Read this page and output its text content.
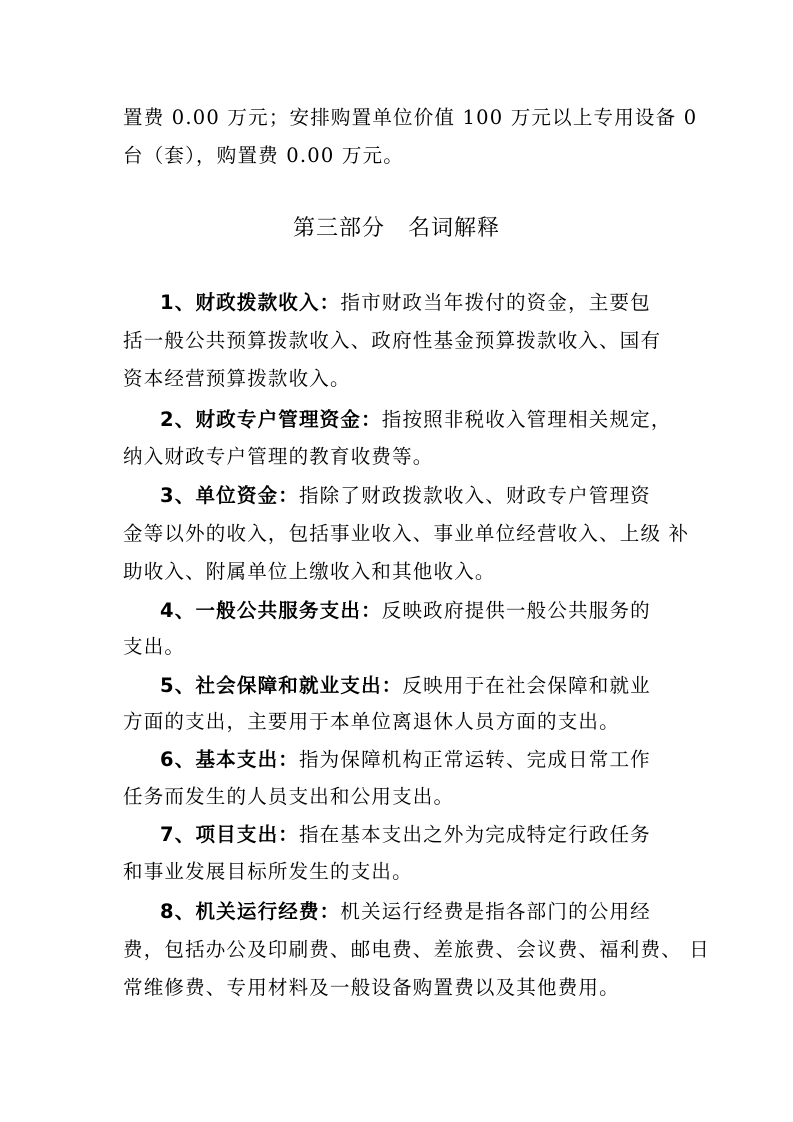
置费 0.00 万元；安排购置单位价值 100 万元以上专用设备 0
台（套），购置费 0.00 万元。
第三部分　名词解释
1、财政拨款收入：指市财政当年拨付的资金，主要包
括一般公共预算拨款收入、政府性基金预算拨款收入、国有
资本经营预算拨款收入。
2、财政专户管理资金：指按照非税收入管理相关规定，
纳入财政专户管理的教育收费等。
3、单位资金：指除了财政拨款收入、财政专户管理资
金等以外的收入，包括事业收入、事业单位经营收入、上级 补
助收入、附属单位上缴收入和其他收入。
4、一般公共服务支出：反映政府提供一般公共服务的
支出。
5、社会保障和就业支出：反映用于在社会保障和就业
方面的支出，主要用于本单位离退休人员方面的支出。
6、基本支出：指为保障机构正常运转、完成日常工作
任务而发生的人员支出和公用支出。
7、项目支出：指在基本支出之外为完成特定行政任务
和事业发展目标所发生的支出。
8、机关运行经费：机关运行经费是指各部门的公用经
费，包括办公及印刷费、邮电费、差旅费、会议费、福利费、 日
常维修费、专用材料及一般设备购置费以及其他费用。
